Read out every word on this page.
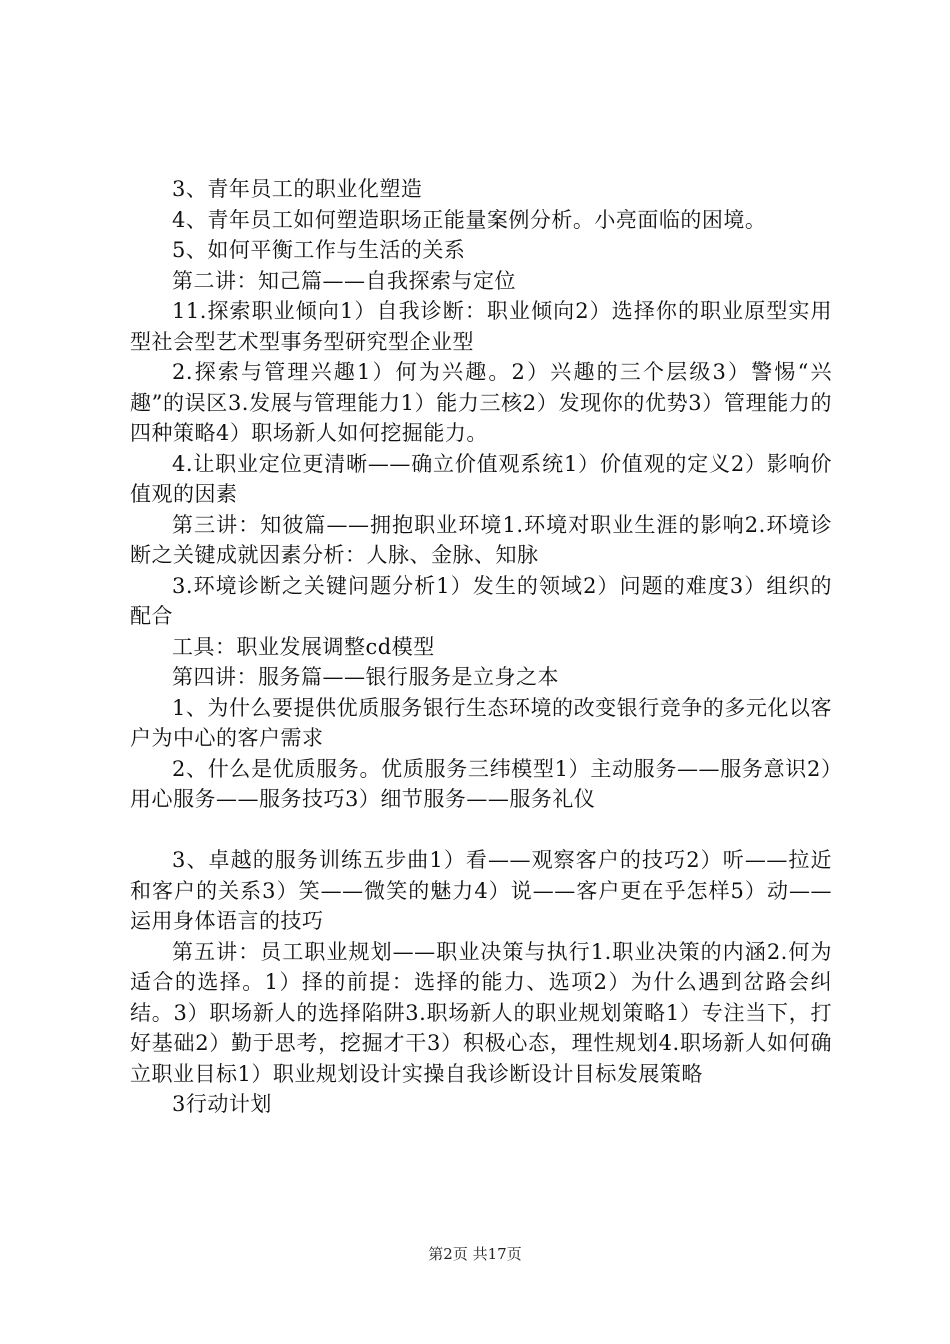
3、青年员工的职业化塑造

4、青年员工如何塑造职场正能量案例分析。小亮面临的困境。

5、如何平衡工作与生活的关系

第二讲：知己篇——自我探索与定位

11.探索职业倾向1）自我诊断：职业倾向2）选择你的职业原型实用型社会型艺术型事务型研究型企业型

2.探索与管理兴趣1）何为兴趣。2）兴趣的三个层级3）警惕“兴趣”的误区3.发展与管理能力1）能力三核2）发现你的优势3）管理能力的四种策略4）职场新人如何挖掘能力。

4.让职业定位更清晰——确立价值观系统1）价值观的定义2）影响价值观的因素

第三讲：知彼篇——拥抱职业环境1.环境对职业生涯的影响2.环境诊断之关键成就因素分析：人脉、金脉、知脉

3.环境诊断之关键问题分析1）发生的领域2）问题的难度3）组织的配合

工具：职业发展调整cd模型

第四讲：服务篇——银行服务是立身之本

1、为什么要提供优质服务银行生态环境的改变银行竞争的多元化以客户为中心的客户需求

2、什么是优质服务。优质服务三纬模型1）主动服务——服务意识2）用心服务——服务技巧3）细节服务——服务礼仪

3、卓越的服务训练五步曲1）看——观察客户的技巧2）听——拉近和客户的关系3）笑——微笑的魅力4）说——客户更在乎怎样5）动——运用身体语言的技巧

第五讲：员工职业规划——职业决策与执行1.职业决策的内涵2.何为适合的选择。1）择的前提：选择的能力、选项2）为什么遇到岔路会纠结。3）职场新人的选择陷阱3.职场新人的职业规划策略1）专注当下，打好基础2）勤于思考，挖掘才干3）积极心态，理性规划4.职场新人如何确立职业目标1）职业规划设计实操自我诊断设计目标发展策略

3行动计划

第2页 共17页
